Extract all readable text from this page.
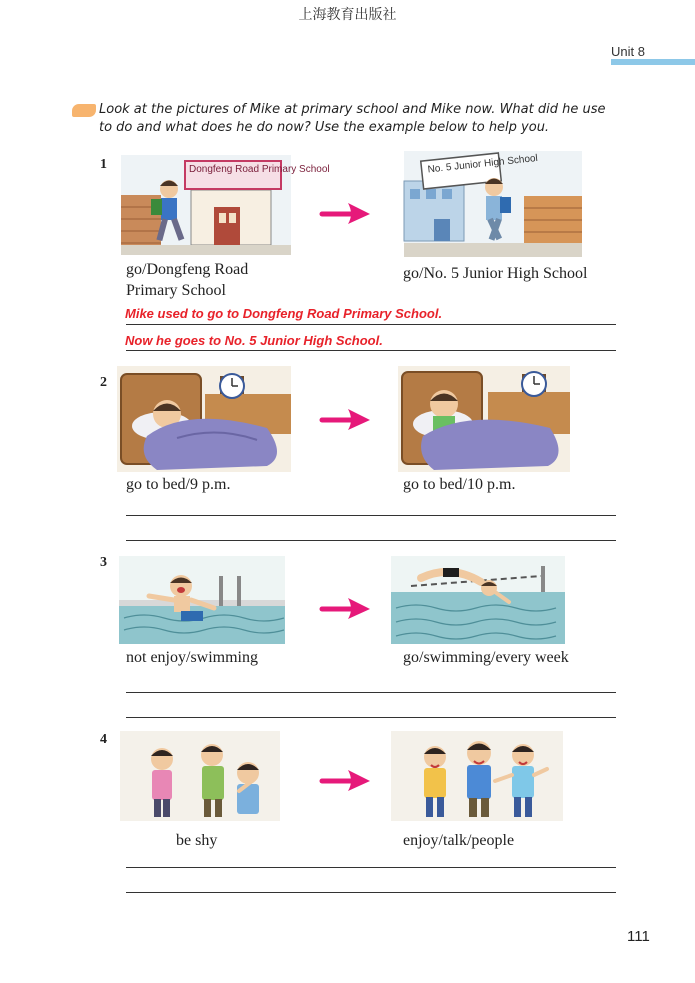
上海教育出版社
Unit 8
Look at the pictures of Mike at primary school and Mike now. What did he use to do and what does he do now? Use the example below to help you.
1	Dongfeng Road Primary School	No. 5 Junior High School
go/Dongfeng Road Primary School
go/No. 5 Junior High School
Mike used to go to Dongfeng Road Primary School.
Now he goes to No. 5 Junior High School.
2
go to bed/9 p.m.	go to bed/10 p.m.
3
not enjoy/swimming	go/swimming/every week
4
be shy	enjoy/talk/people
111
